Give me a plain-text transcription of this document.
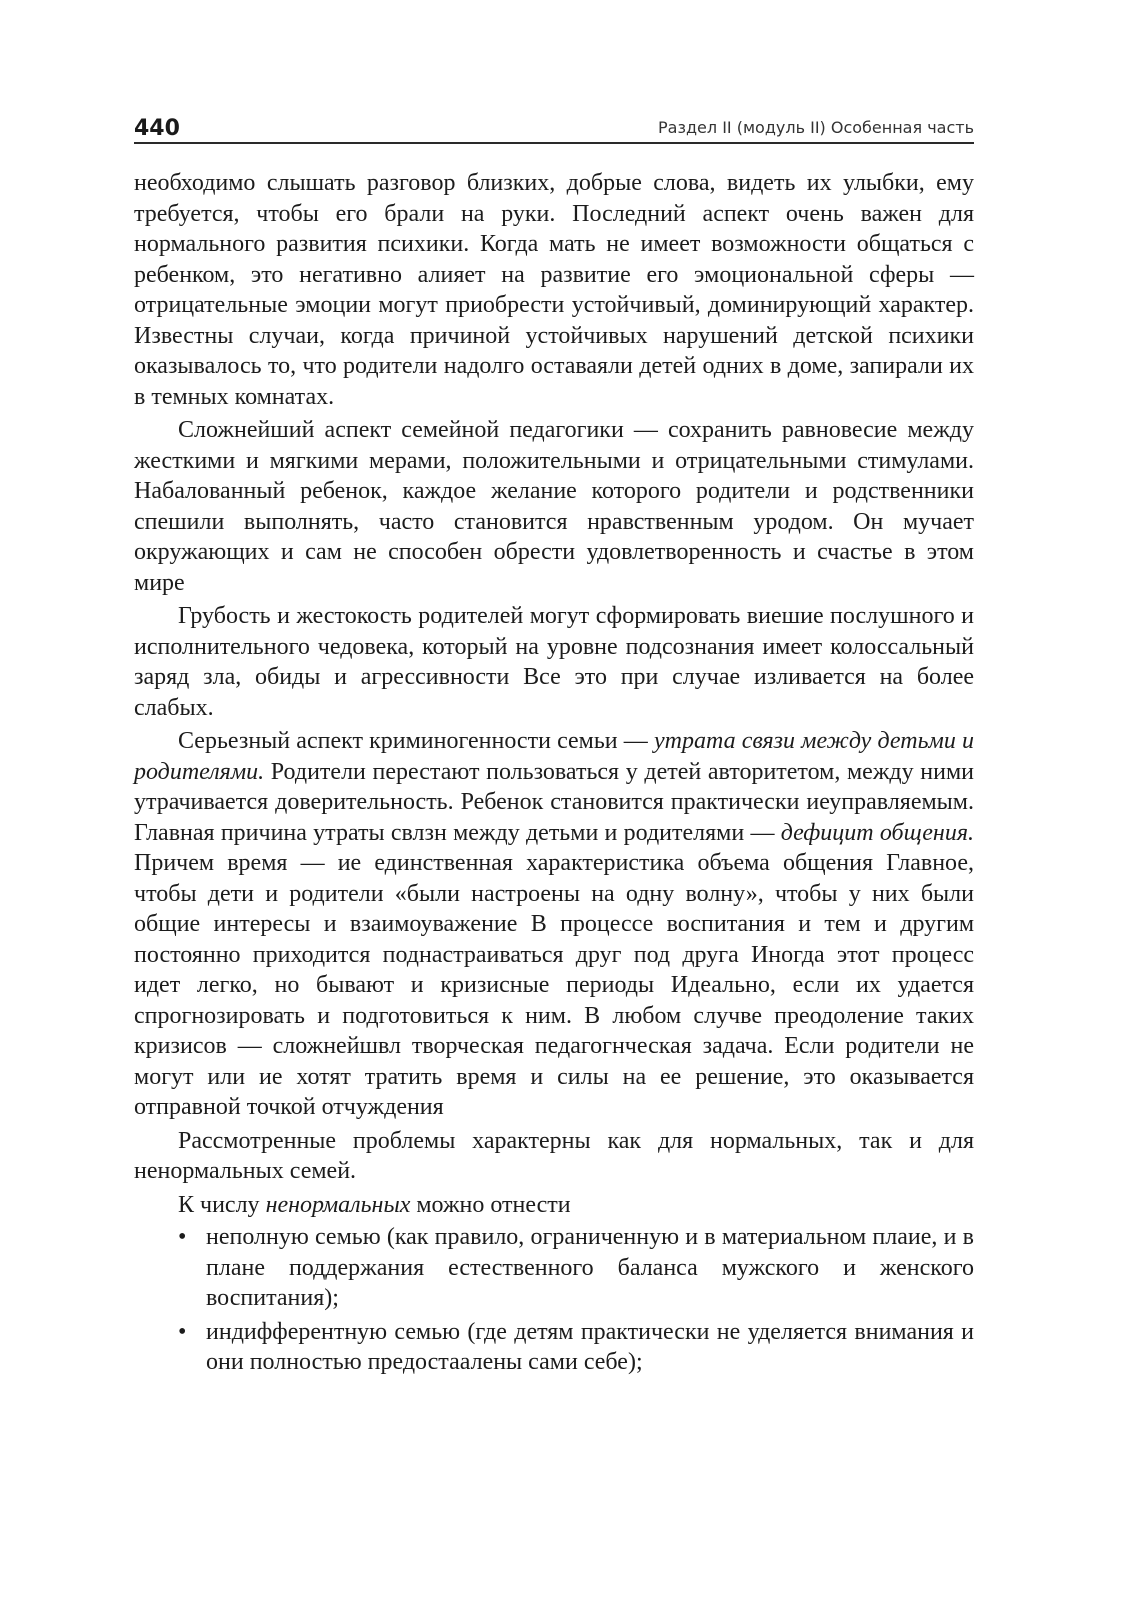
440	Раздел II (модуль II) Особенная часть

необходимо слышать разговор близких, добрые слова, видеть их улыбки, ему требуется, чтобы его брали на руки. Последний аспект очень важен для нормального развития психики. Когда мать не имеет возможности общаться с ребенком, это негативно алияет на развитие его эмоциональной сферы — отрицательные эмоции могут приобрести устойчивый, доминирующий характер. Известны случаи, когда причиной устойчивых нарушений детской психики оказывалось то, что родители надолго оставаяли детей одних в доме, запирали их в темных комнатах.

Сложнейший аспект семейной педагогики — сохранить равновесие между жесткими и мягкими мерами, положительными и отрицательными стимулами. Набалованный ребенок, каждое желание которого родители и родственники спешили выполнять, часто становится нравственным уродом. Он мучает окружающих и сам не способен обрести удовлетворенность и счастье в этом мире

Грубость и жестокость родителей могут сформировать виешие послушного и исполнительного чедовека, который на уровне подсознания имеет колоссальный заряд зла, обиды и агрессивности Все это при случае изливается на более слабых.

Серьезный аспект криминогенности семьи — утрата связи между детьми и родителями. Родители перестают пользоваться у детей авторитетом, между ними утрачивается доверительность. Ребенок становится практически иеуправляемым. Главная причина утраты свлзн между детьми и родителями — дефицит общения. Причем время — ие единственная характеристика объема общения Главное, чтобы дети и родители «были настроены на одну волну», чтобы у них были общие интересы и взаимоуважение В процессе воспитания и тем и другим постоянно приходится поднастраиваться друг под друга Иногда этот процесс идет легко, но бывают и кризисные периоды Идеально, если их удается спрогнозировать и подготовиться к ним. В любом случве преодоление таких кризисов — сложнейшвл творческая педагогнческая задача. Если родители не могут или ие хотят тратить время и силы на ее решение, это оказывается отправной точкой отчуждения

Рассмотренные проблемы характерны как для нормальных, так и для ненормальных семей.

К числу ненормальных можно отнести

• неполную семью (как правило, ограниченную и в материальном плаие, и в плане поддержания естественного баланса мужского и женского воспитания);
• индифферентную семью (где детям практически не уделяется внимания и они полностью предостаалены сами себе);
